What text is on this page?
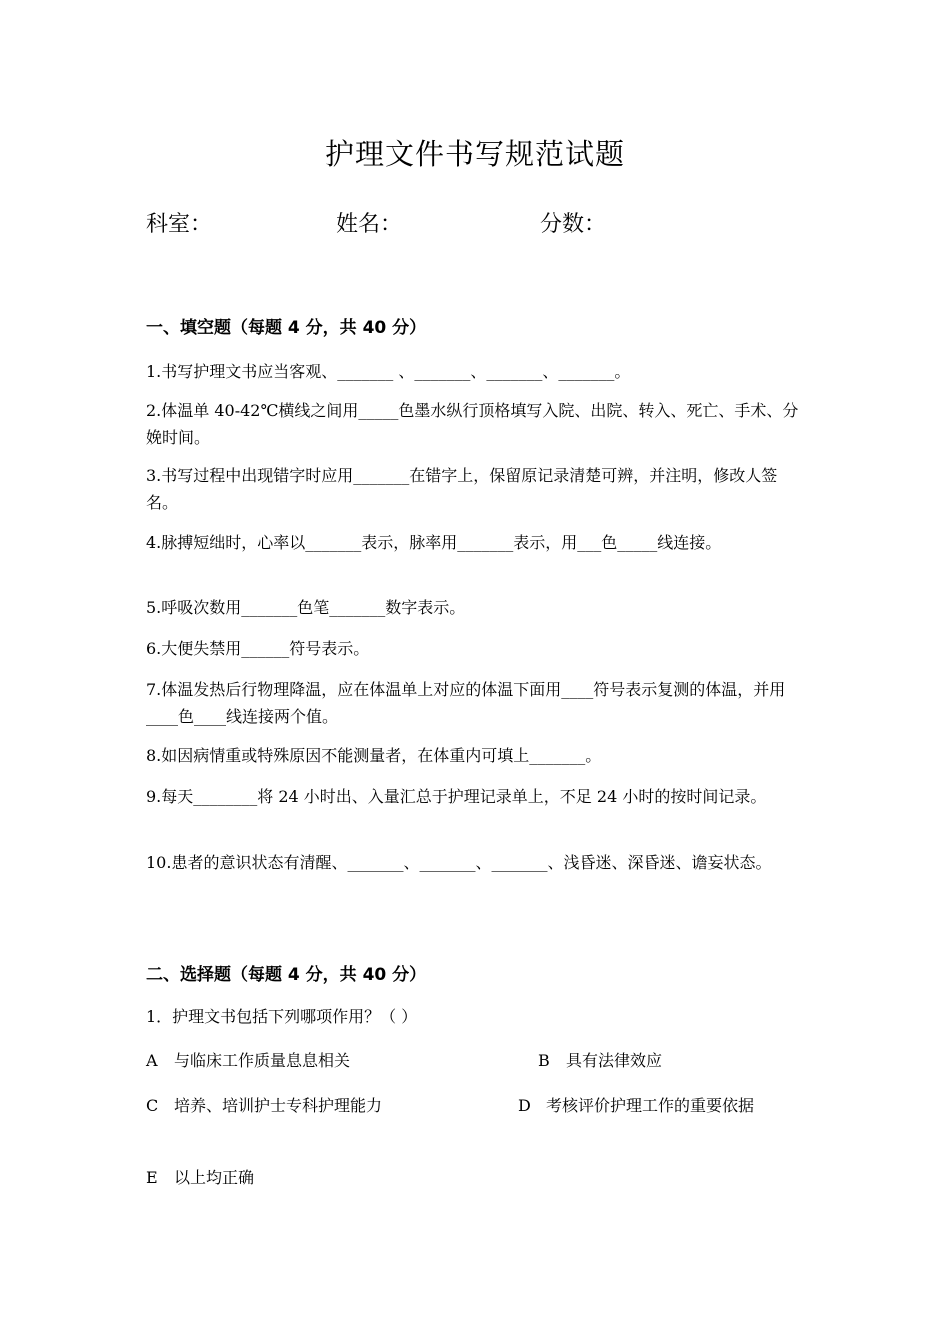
护理文件书写规范试题
科室：	姓名：	分数：
一、填空题（每题 4 分，共 40 分）
1.书写护理文书应当客观、_______ 、_______、_______、_______。
2.体温单 40-42℃横线之间用_____色墨水纵行顶格填写入院、出院、转入、死亡、手术、分娩时间。
3.书写过程中出现错字时应用_______在错字上，保留原记录清楚可辨，并注明，修改人签名。
4.脉搏短绌时，心率以_______表示，脉率用_______表示，用___色_____线连接。
5.呼吸次数用_______色笔_______数字表示。
6.大便失禁用______符号表示。
7.体温发热后行物理降温，应在体温单上对应的体温下面用____符号表示复测的体温，并用____色____线连接两个值。
8.如因病情重或特殊原因不能测量者，在体重内可填上_______。
9.每天________将 24 小时出、入量汇总于护理记录单上，不足 24 小时的按时间记录。
10.患者的意识状态有清醒、_______、_______、_______、浅昏迷、深昏迷、谵妄状态。
二、选择题（每题 4 分，共 40 分）
1．护理文书包括下列哪项作用？（ ）
A 与临床工作质量息息相关	B 具有法律效应
C 培养、培训护士专科护理能力	D 考核评价护理工作的重要依据
E 以上均正确
